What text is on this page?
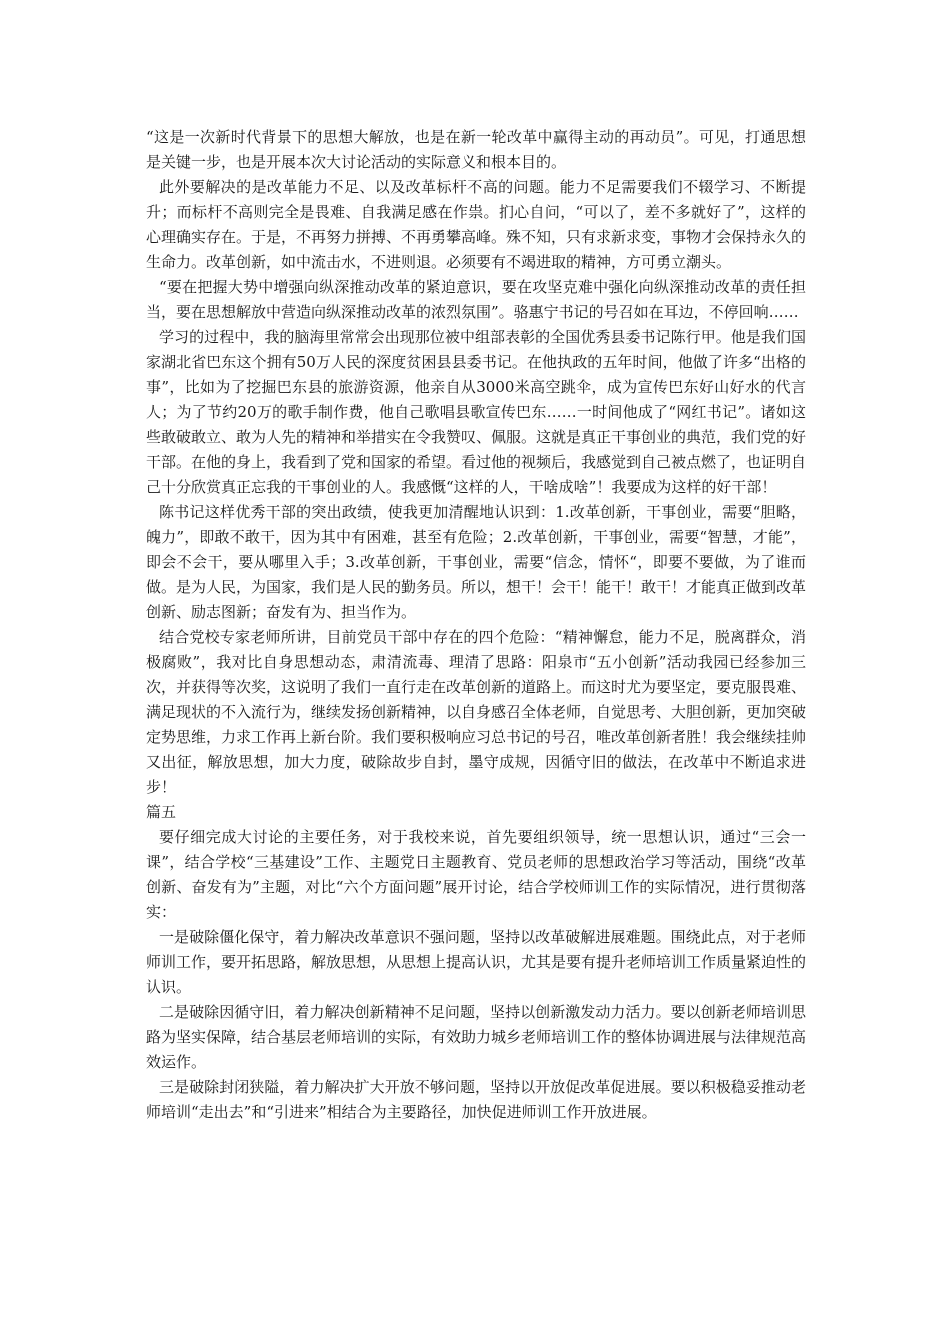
“这是一次新时代背景下的思想大解放，也是在新一轮改革中赢得主动的再动员”。可见，打通思想是关键一步，也是开展本次大讨论活动的实际意义和根本目的。

此外要解决的是改革能力不足、以及改革标杆不高的问题。能力不足需要我们不辍学习、不断提升；而标杆不高则完全是畏难、自我满足感在作祟。扪心自问，“可以了，差不多就好了”，这样的心理确实存在。于是，不再努力拼搏、不再勇攀高峰。殊不知，只有求新求变，事物才会保持永久的生命力。改革创新，如中流击水，不进则退。必须要有不竭进取的精神，方可勇立潮头。

“要在把握大势中增强向纵深推动改革的紧迫意识，要在攻坚克难中强化向纵深推动改革的责任担当，要在思想解放中营造向纵深推动改革的浓烈氛围”。骆惠宁书记的号召如在耳边，不停回响……

学习的过程中，我的脑海里常常会出现那位被中组部表彰的全国优秀县委书记陈行甲。他是我们国家湖北省巴东这个拥有50万人民的深度贫困县县委书记。在他执政的五年时间，他做了许多“出格的事”，比如为了挖掘巴东县的旅游资源，他亲自从3000米高空跳伞，成为宣传巴东好山好水的代言人；为了节约20万的歌手制作费，他自己歌唱县歌宣传巴东……一时间他成了“网红书记”。诸如这些敢破敢立、敢为人先的精神和举措实在令我赞叹、佩服。这就是真正干事创业的典范，我们党的好干部。在他的身上，我看到了党和国家的希望。看过他的视频后，我感觉到自己被点燃了，也证明自己十分欣赏真正忘我的干事创业的人。我感慨“这样的人，干啥成啥”！我要成为这样的好干部！

陈书记这样优秀干部的突出政绩，使我更加清醒地认识到：1.改革创新，干事创业，需要“胆略，魄力”，即敢不敢干，因为其中有困难，甚至有危险；2.改革创新，干事创业，需要“智慧，才能”，即会不会干，要从哪里入手；3.改革创新，干事创业，需要“信念，情怀“，即要不要做，为了谁而做。是为人民，为国家，我们是人民的勤务员。所以，想干！会干！能干！敢干！才能真正做到改革创新、励志图新；奋发有为、担当作为。

结合党校专家老师所讲，目前党员干部中存在的四个危险：“精神懈怠，能力不足，脱离群众，消极腐败”，我对比自身思想动态，肃清流毒、理清了思路：阳泉市“五小创新”活动我园已经参加三次，并获得等次奖，这说明了我们一直行走在改革创新的道路上。而这时尤为要坚定，要克服畏难、满足现状的不入流行为，继续发扬创新精神，以自身感召全体老师，自觉思考、大胆创新，更加突破定势思维，力求工作再上新台阶。我们要积极响应习总书记的号召，唯改革创新者胜！我会继续挂帅又出征，解放思想，加大力度，破除故步自封，墨守成规，因循守旧的做法，在改革中不断追求进步！

篇五

要仔细完成大讨论的主要任务，对于我校来说，首先要组织领导，统一思想认识，通过“三会一课”，结合学校“三基建设”工作、主题党日主题教育、党员老师的思想政治学习等活动，围绕“改革创新、奋发有为”主题，对比“六个方面问题”展开讨论，结合学校师训工作的实际情况，进行贯彻落实：

一是破除僵化保守，着力解决改革意识不强问题，坚持以改革破解进展难题。围绕此点，对于老师师训工作，要开拓思路，解放思想，从思想上提高认识，尤其是要有提升老师培训工作质量紧迫性的认识。

二是破除因循守旧，着力解决创新精神不足问题，坚持以创新激发动力活力。要以创新老师培训思路为坚实保障，结合基层老师培训的实际，有效助力城乡老师培训工作的整体协调进展与法律规范高效运作。

三是破除封闭狭隘，着力解决扩大开放不够问题，坚持以开放促改革促进展。要以积极稳妥推动老师培训“走出去”和“引进来”相结合为主要路径，加快促进师训工作开放进展。
